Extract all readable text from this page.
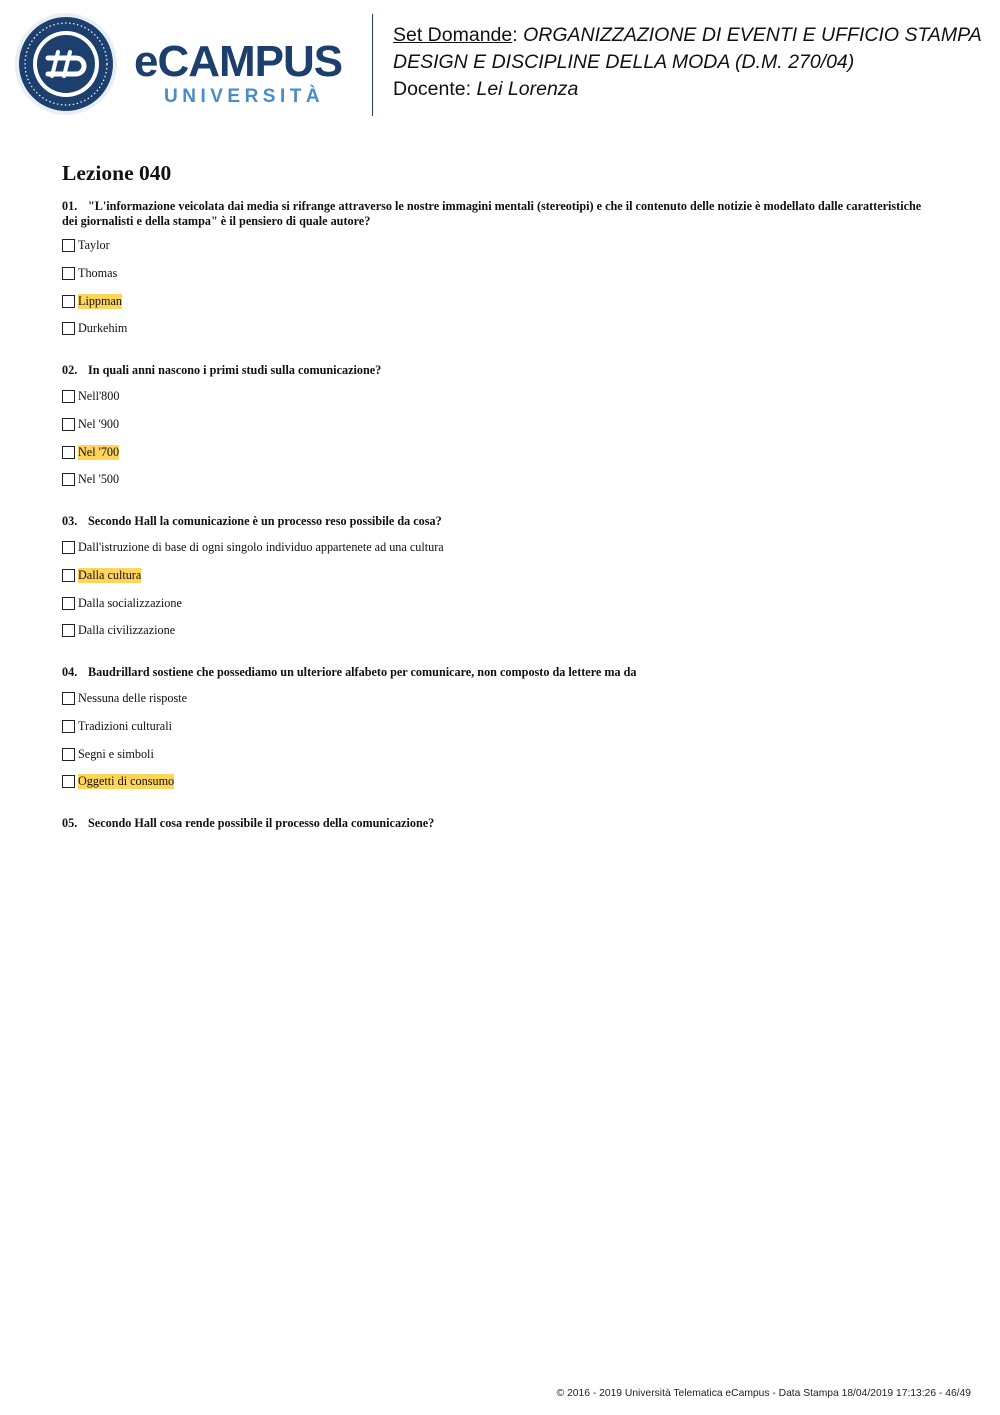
eCAMPUS
UNIVERSITÀ
Set Domande: ORGANIZZAZIONE DI EVENTI E UFFICIO STAMPA
DESIGN E DISCIPLINE DELLA MODA (D.M. 270/04)
Docente: Lei Lorenza
Lezione 040
01. "L'informazione veicolata dai media si rifrange attraverso le nostre immagini mentali (stereotipi) e che il contenuto delle notizie è modellato dalle caratteristiche dei giornalisti e della stampa" è il pensiero di quale autore?
Taylor
Thomas
Lippman
Durkehim
02. In quali anni nascono i primi studi sulla comunicazione?
Nell'800
Nel '900
Nel '700
Nel '500
03. Secondo Hall la comunicazione è un processo reso possibile da cosa?
Dall'istruzione di base di ogni singolo individuo appartenete ad una cultura
Dalla cultura
Dalla socializzazione
Dalla civilizzazione
04. Baudrillard sostiene che possediamo un ulteriore alfabeto per comunicare, non composto da lettere ma da
Nessuna delle risposte
Tradizioni culturali
Segni e simboli
Oggetti di consumo
05. Secondo Hall cosa rende possibile il processo della comunicazione?
© 2016 - 2019 Università Telematica eCampus - Data Stampa 18/04/2019 17:13:26 - 46/49
